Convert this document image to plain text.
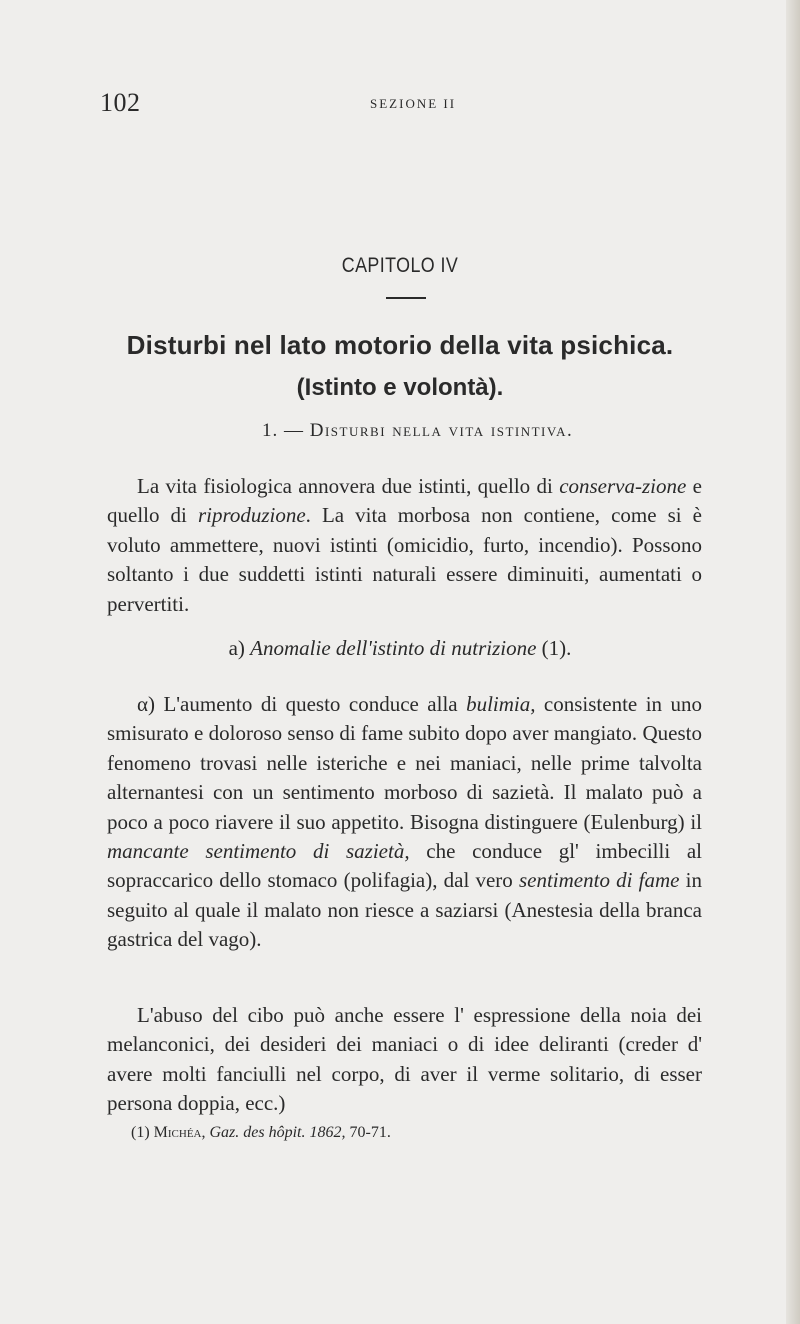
102	SEZIONE II
CAPITOLO IV
Disturbi nel lato motorio della vita psichica.
(Istinto e volontà).
1. — Disturbi nella vita istintiva.
La vita fisiologica annovera due istinti, quello di conserva-zione e quello di riproduzione. La vita morbosa non contiene, come si è voluto ammettere, nuovi istinti (omicidio, furto, incendio). Possono soltanto i due suddetti istinti naturali essere diminuiti, aumentati o pervertiti.
a) Anomalie dell'istinto di nutrizione (1).
α) L'aumento di questo conduce alla bulimia, consistente in uno smisurato e doloroso senso di fame subito dopo aver mangiato. Questo fenomeno trovasi nelle isteriche e nei maniaci, nelle prime talvolta alternantesi con un sentimento morboso di sazietà. Il malato può a poco a poco riavere il suo appetito. Bisogna distinguere (Eulenburg) il mancante sentimento di sazietà, che conduce gl' imbecilli al sopraccarico dello stomaco (polifagia), dal vero sentimento di fame in seguito al quale il malato non riesce a saziarsi (Anestesia della branca gastrica del vago).
L'abuso del cibo può anche essere l' espressione della noia dei melanconici, dei desideri dei maniaci o di idee deliranti (creder d' avere molti fanciulli nel corpo, di aver il verme solitario, di esser persona doppia, ecc.)
(1) Michéa, Gaz. des hôpit. 1862, 70-71.
